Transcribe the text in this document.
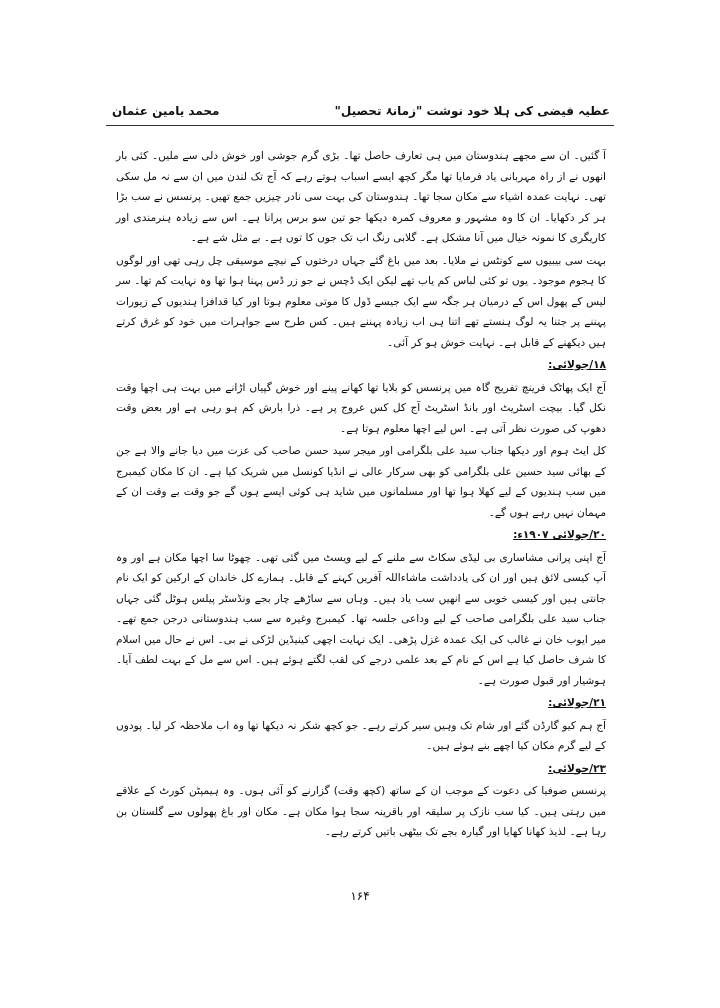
عطیہ فیضی کی ہلا خود نوشت "زمانۂ تحصیل"
محمد یامین عثمان

آ گئیں۔ ان سے مجھے ہندوستان میں ہی تعارف حاصل تھا۔ بڑی گرم جوشی اور خوش دلی سے ملیں۔ کئی بار انھوں نے از راہ مہربانی یاد فرمایا تھا مگر کچھ ایسے اسباب ہوتے رہے کہ آج تک لندن میں ان سے نہ مل سکی تھی۔ نہایت عمدہ اشیاء سے مکان سجا تھا۔ ہندوستان کی بہت سی نادر چیزیں جمع تھیں۔ پرنسس نے سب بڑا ہر کر دکھایا۔ ان کا وہ مشہور و معروف کمرہ دیکھا جو تین سو برس پرانا ہے۔ اس سے زیادہ ہنرمندی اور کاریگری کا نمونہ خیال میں آنا مشکل ہے۔ گلابی رنگ اب تک جوں کا توں ہے۔ بے مثل شے ہے۔

بہت سی بیبیوں سے کونٹس نے ملایا۔ بعد میں باغ گئے جہاں درختوں کے نیچے موسیقی چل رہی تھی اور لوگوں کا ہجوم موجود۔ یوں تو کئی لباس کم یاب تھے لیکن ایک ڈچس نے جو زر ڈس پہنا ہوا تھا وہ نہایت کم تھا۔ سر لیس کے پھول اس کے درمیان ہر جگہ سے ایک جیسے ڈول کا موتی معلوم ہوتا اور کیا قدافزا ہندیوں کے زیورات پہننے پر جتنا یہ لوگ ہنستے تھے اتنا ہی اب زیادہ پہننے ہیں۔ کس طرح سے جواہرات میں خود کو غرق کرتے ہیں دیکھنے کے قابل ہے۔ نہایت خوش ہو کر آئی۔

۱۸/جولائی:

آج ایک پھاٹک فرینچ تفریح گاہ میں پرنسس کو بلایا تھا کھانے پینے اور خوش گپیاں اڑانے میں بہت ہی اچھا وقت نکل گیا۔ بیچت اسٹریٹ اور بانڈ اسٹریٹ آج کل کس عروج پر ہے۔ ذرا بارش کم ہو رہی ہے اور بعض وقت دھوپ کی صورت نظر آتی ہے۔ اس لیے اچھا معلوم ہوتا ہے۔

کل ایٹ ہوم اور دیکھا جناب سید علی بلگرامی اور میجر سید حسن صاحب کی عزت میں دیا جانے والا ہے جن کے بھائی سید حسین علی بلگرامی کو بھی سرکار عالی نے انڈیا کونسل میں شریک کیا ہے۔ ان کا مکان کیمبرج میں سب ہندیوں کے لیے کھلا ہوا تھا اور مسلمانوں میں شاید ہی کوئی ایسے ہوں گے جو وقت بے وقت ان کے مہمان نہیں رہے ہوں گے۔

۲۰/جولائی ۱۹۰۷ء:

آج اپنی پرانی مشاساری بی لیڈی سکاٹ سے ملنے کے لیے ویسٹ میں گئی تھی۔ چھوٹا سا اچھا مکان ہے اور وہ آپ کیسی لائق ہیں اور ان کی یادداشت ماشاءاللہ آفریں کہنے کے قابل۔ ہمارے کل خاندان کے ارکین کو ایک نام جانتی ہیں اور کیسی خوبی سے انھیں سب یاد ہیں۔ وہاں سے ساڑھے چار بجے ونڈسٹر پیلس ہوٹل گئی جہاں جناب سید علی بلگرامی صاحب کے لیے وداعی جلسہ تھا۔ کیمبرج وغیرہ سے سب ہندوستانی درجن جمع تھے۔ میر ایوب خان نے غالب کی ایک عمدہ غزل پڑھی۔ ایک نہایت اچھی کینیڈین لڑکی نے بی۔ اس نے حال میں اسلام کا شرف حاصل کیا ہے اس کے نام کے بعد علمی درجے کی لقب لگتے ہوئے ہیں۔ اس سے مل کے بہت لطف آیا۔ ہوشیار اور قبول صورت ہے۔

۲۱/جولائی:

آج ہم کیو گارڈن گئے اور شام تک وہیں سیر کرتے رہے۔ جو کچھ شکر نہ دیکھا تھا وہ اب ملاحظہ کر لیا۔ پودوں کے لیے گرم مکان کیا اچھے بنے ہوئے ہیں۔

۲۳/جولائی:

پرنسس صوفیا کی دعوت کے موجب ان کے ساتھ (کچھ وقت) گزارنے کو آئی ہوں۔ وہ ہیمپٹن کورٹ کے علاقے میں رہتی ہیں۔ کیا سب نازک پر سلیقہ اور باقرینہ سجا ہوا مکان ہے۔ مکان اور باغ پھولوں سے گلستان بن رہا ہے۔ لذیذ کھانا کھایا اور گیارہ بجے تک بیٹھی باتیں کرتے رہے۔

۱۶۴
